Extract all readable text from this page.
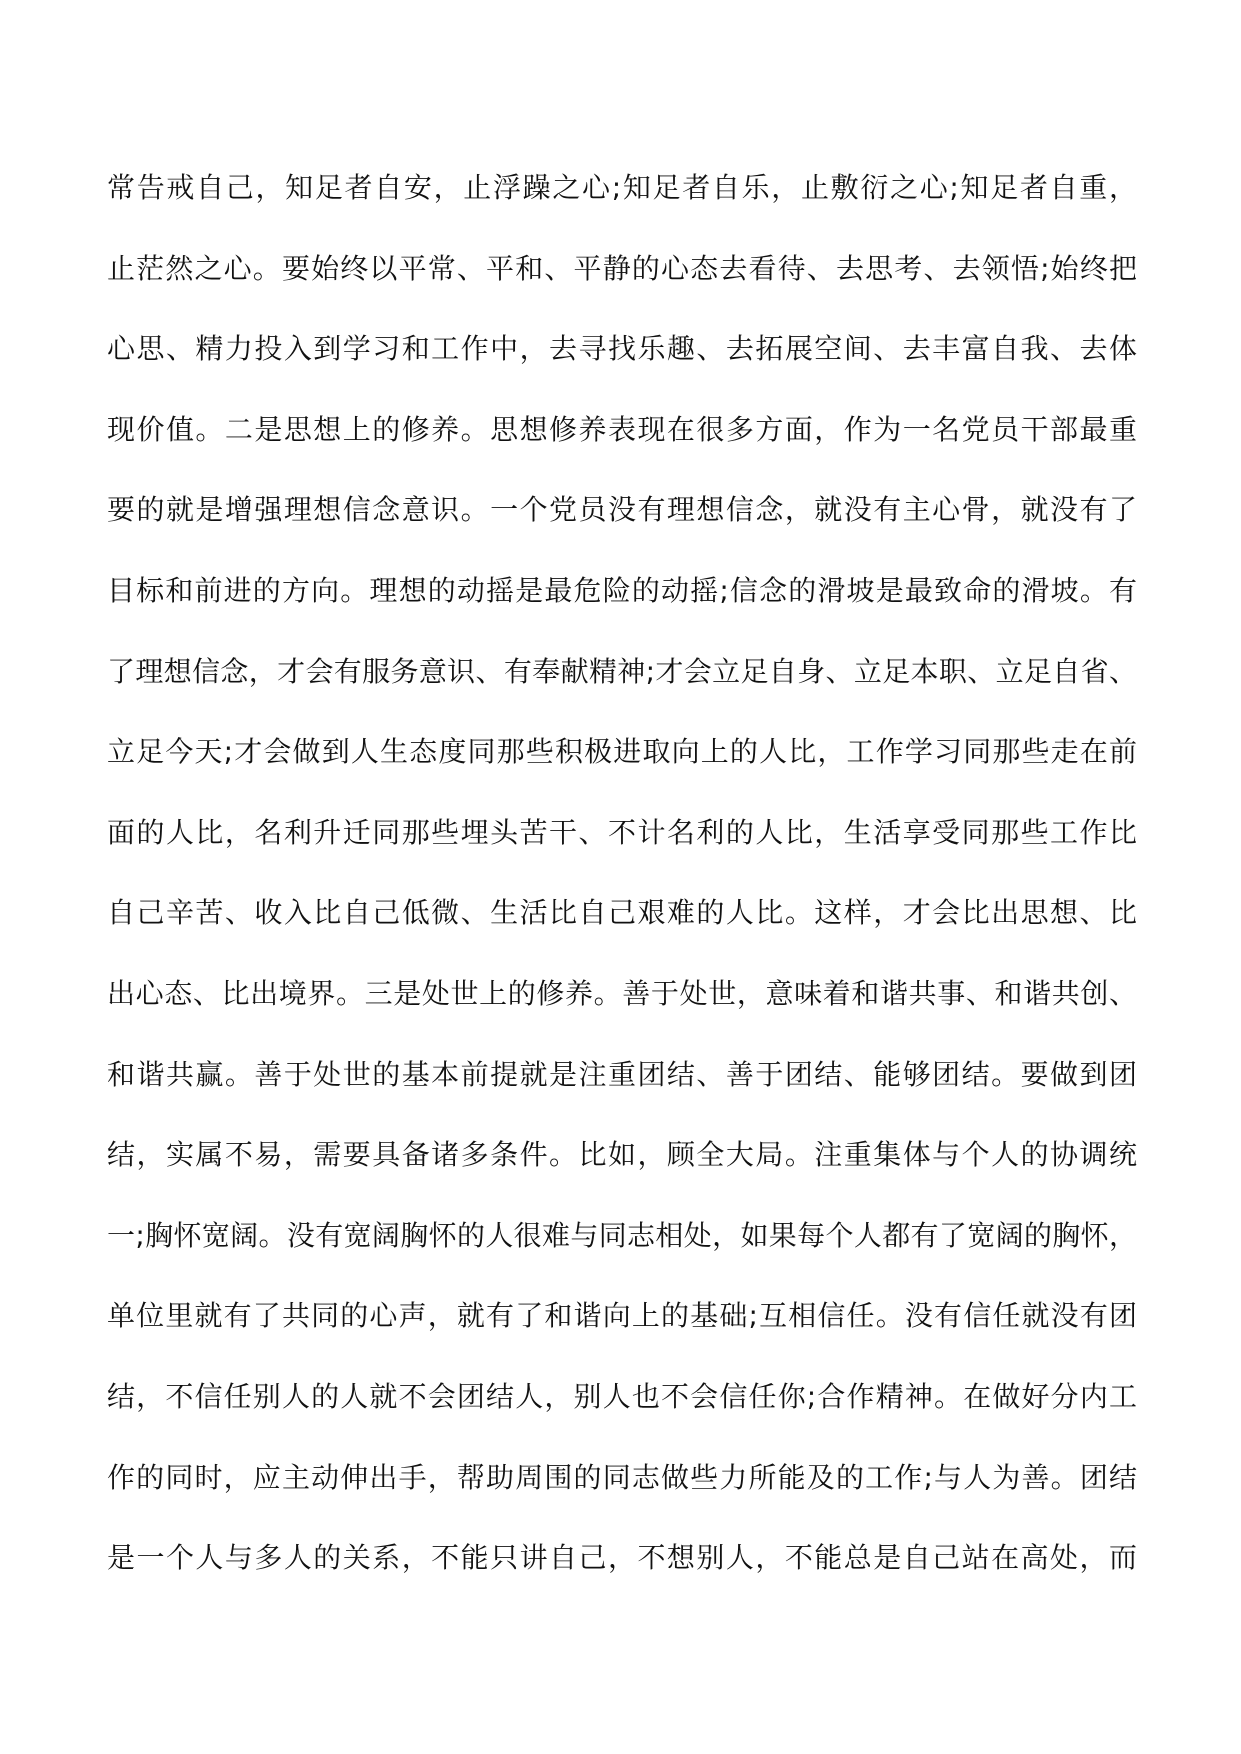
常告戒自己，知足者自安，止浮躁之心;知足者自乐，止敷衍之心;知足者自重，
止茫然之心。要始终以平常、平和、平静的心态去看待、去思考、去领悟;始终把
心思、精力投入到学习和工作中，去寻找乐趣、去拓展空间、去丰富自我、去体
现价值。二是思想上的修养。思想修养表现在很多方面，作为一名党员干部最重
要的就是增强理想信念意识。一个党员没有理想信念，就没有主心骨，就没有了
目标和前进的方向。理想的动摇是最危险的动摇;信念的滑坡是最致命的滑坡。有
了理想信念，才会有服务意识、有奉献精神;才会立足自身、立足本职、立足自省、
立足今天;才会做到人生态度同那些积极进取向上的人比，工作学习同那些走在前
面的人比，名利升迁同那些埋头苦干、不计名利的人比，生活享受同那些工作比
自己辛苦、收入比自己低微、生活比自己艰难的人比。这样，才会比出思想、比
出心态、比出境界。三是处世上的修养。善于处世，意味着和谐共事、和谐共创、
和谐共赢。善于处世的基本前提就是注重团结、善于团结、能够团结。要做到团
结，实属不易，需要具备诸多条件。比如，顾全大局。注重集体与个人的协调统
一;胸怀宽阔。没有宽阔胸怀的人很难与同志相处，如果每个人都有了宽阔的胸怀，
单位里就有了共同的心声，就有了和谐向上的基础;互相信任。没有信任就没有团
结，不信任别人的人就不会团结人，别人也不会信任你;合作精神。在做好分内工
作的同时，应主动伸出手，帮助周围的同志做些力所能及的工作;与人为善。团结
是一个人与多人的关系，不能只讲自己，不想别人，不能总是自己站在高处，而
